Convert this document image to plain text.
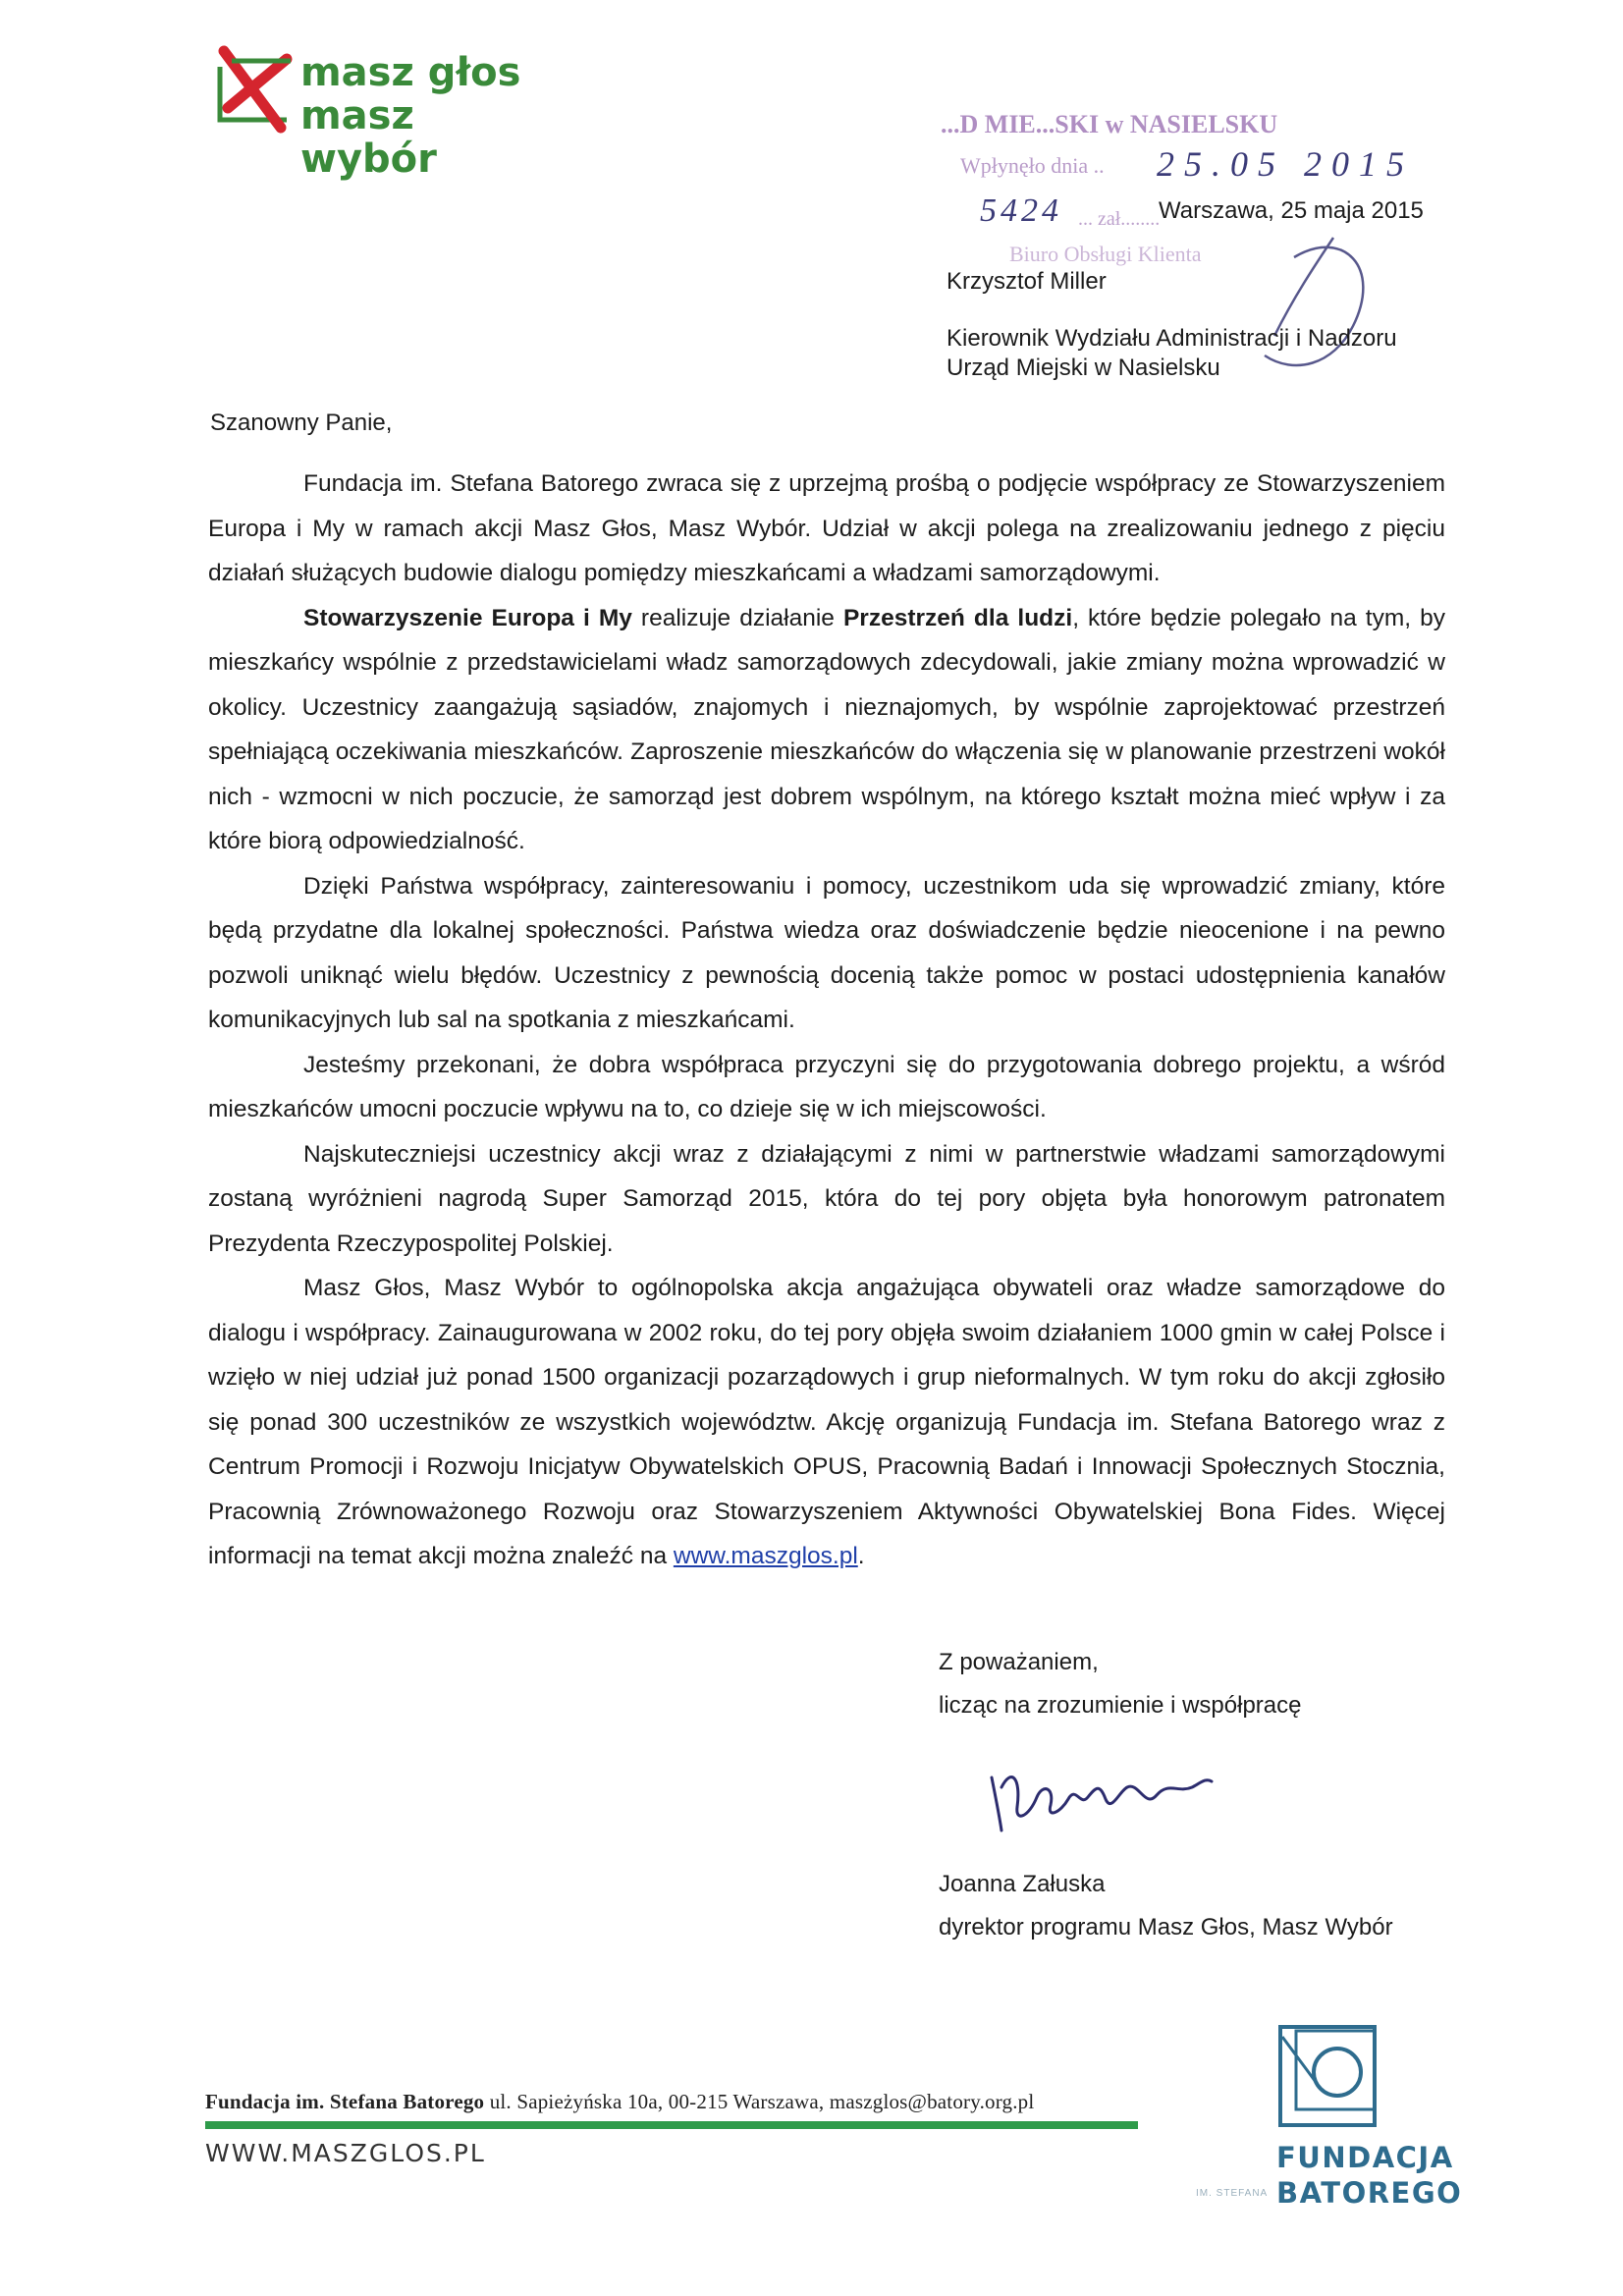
masz głos
masz wybór
...D MIE...SKI w NASIELSKU
Wpłynęło dnia .. 25.05 2015
5424 ... zał........
Biuro Obsługi Klienta
Warszawa, 25 maja 2015
Krzysztof Miller
Kierownik Wydziału Administracji i Nadzoru
Urząd Miejski w Nasielsku
Szanowny Panie,

Fundacja im. Stefana Batorego zwraca się z uprzejmą prośbą o podjęcie współpracy ze Stowarzyszeniem Europa i My w ramach akcji Masz Głos, Masz Wybór. Udział w akcji polega na zrealizowaniu jednego z pięciu działań służących budowie dialogu pomiędzy mieszkańcami a władzami samorządowymi.

Stowarzyszenie Europa i My realizuje działanie Przestrzeń dla ludzi, które będzie polegało na tym, by mieszkańcy wspólnie z przedstawicielami władz samorządowych zdecydowali, jakie zmiany można wprowadzić w okolicy. Uczestnicy zaangażują sąsiadów, znajomych i nieznajomych, by wspólnie zaprojektować przestrzeń spełniającą oczekiwania mieszkańców. Zaproszenie mieszkańców do włączenia się w planowanie przestrzeni wokół nich - wzmocni w nich poczucie, że samorząd jest dobrem wspólnym, na którego kształt można mieć wpływ i za które biorą odpowiedzialność.

Dzięki Państwa współpracy, zainteresowaniu i pomocy, uczestnikom uda się wprowadzić zmiany, które będą przydatne dla lokalnej społeczności. Państwa wiedza oraz doświadczenie będzie nieocenione i na pewno pozwoli uniknąć wielu błędów. Uczestnicy z pewnością docenią także pomoc w postaci udostępnienia kanałów komunikacyjnych lub sal na spotkania z mieszkańcami.

Jesteśmy przekonani, że dobra współpraca przyczyni się do przygotowania dobrego projektu, a wśród mieszkańców umocni poczucie wpływu na to, co dzieje się w ich miejscowości.

Najskuteczniejsi uczestnicy akcji wraz z działającymi z nimi w partnerstwie władzami samorządowymi zostaną wyróżnieni nagrodą Super Samorząd 2015, która do tej pory objęta była honorowym patronatem Prezydenta Rzeczypospolitej Polskiej.

Masz Głos, Masz Wybór to ogólnopolska akcja angażująca obywateli oraz władze samorządowe do dialogu i współpracy. Zainaugurowana w 2002 roku, do tej pory objęła swoim działaniem 1000 gmin w całej Polsce i wzięło w niej udział już ponad 1500 organizacji pozarządowych i grup nieformalnych. W tym roku do akcji zgłosiło się ponad 300 uczestników ze wszystkich województw. Akcję organizują Fundacja im. Stefana Batorego wraz z Centrum Promocji i Rozwoju Inicjatyw Obywatelskich OPUS, Pracownią Badań i Innowacji Społecznych Stocznia, Pracownią Zrównoważonego Rozwoju oraz Stowarzyszeniem Aktywności Obywatelskiej Bona Fides. Więcej informacji na temat akcji można znaleźć na www.maszglos.pl.

Z poważaniem,
licząc na zrozumienie i współpracę
Joanna Załuska
dyrektor programu Masz Głos, Masz Wybór
Fundacja im. Stefana Batorego ul. Sapieżyńska 10a, 00-215 Warszawa, maszglos@batory.org.pl
WWW.MASZGLOS.PL	FUNDACJA
IM. STEFANA BATOREGO
